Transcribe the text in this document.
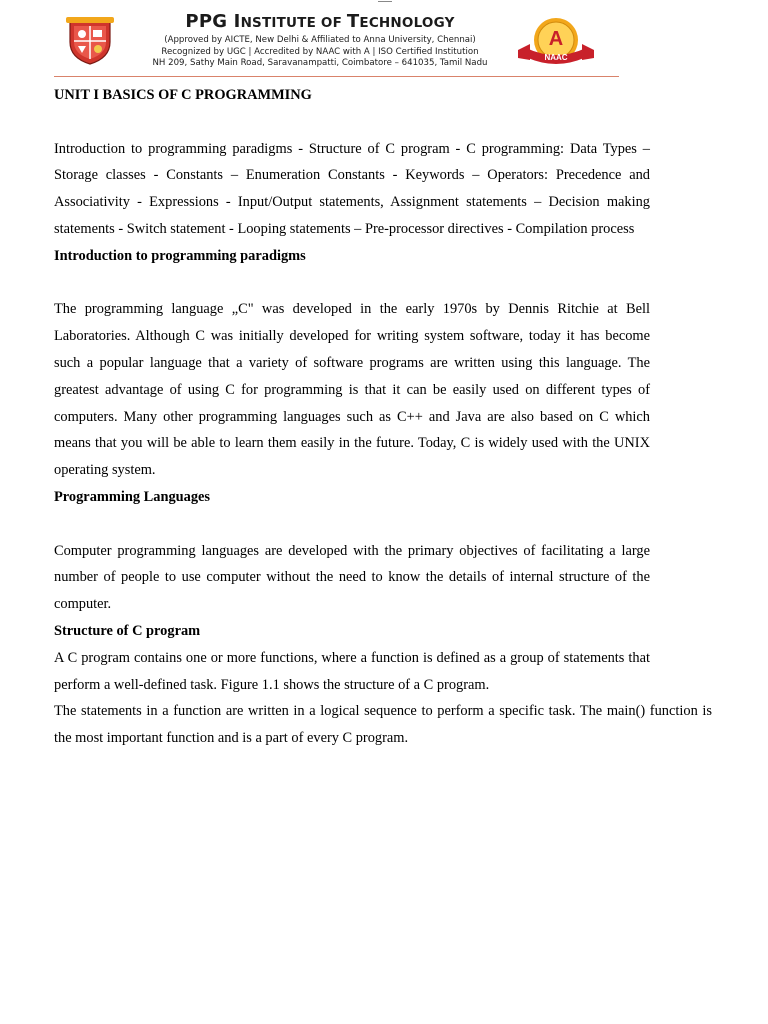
PPG INSTITUTE OF TECHNOLOGY
(Approved by AICTE, New Delhi & Affiliated to Anna University, Chennai)
Recognized by UGC | Accredited by NAAC with A | ISO Certified Institution
NH 209, Sathy Main Road, Saravanampatti, Coimbatore – 641035, Tamil Nadu
A
NAAC

UNIT I BASICS OF C PROGRAMMING

Introduction to programming paradigms - Structure of C program - C programming: Data Types – Storage classes - Constants – Enumeration Constants - Keywords – Operators: Precedence and Associativity - Expressions - Input/Output statements, Assignment statements – Decision making statements - Switch statement - Looping statements – Pre-processor directives - Compilation process

Introduction to programming paradigms

The programming language „C" was developed in the early 1970s by Dennis Ritchie at Bell Laboratories. Although C was initially developed for writing system software, today it has become such a popular language that a variety of software programs are written using this language. The greatest advantage of using C for programming is that it can be easily used on different types of computers. Many other programming languages such as C++ and Java are also based on C which means that you will be able to learn them easily in the future. Today, C is widely used with the UNIX operating system.

Programming Languages

Computer programming languages are developed with the primary objectives of facilitating a large number of people to use computer without the need to know the details of internal structure of the computer.

Structure of C program

A C program contains one or more functions, where a function is defined as a group of statements that perform a well-defined task. Figure 1.1 shows the structure of a C program.

The statements in a function are written in a logical sequence to perform a specific task. The main() function is the most important function and is a part of every C program.
